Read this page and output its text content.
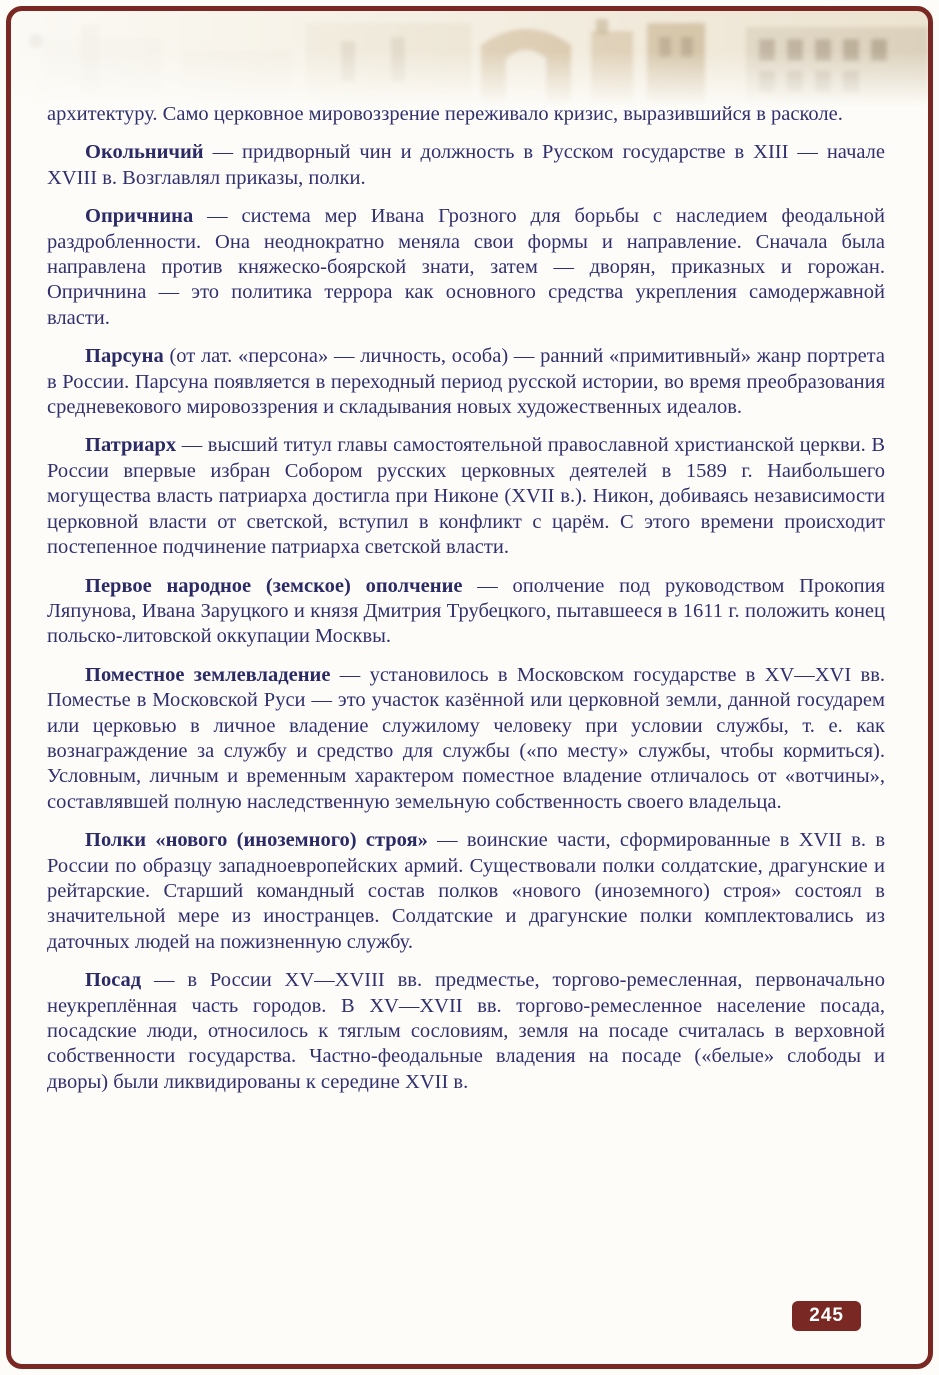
архитектуру. Само церковное мировоззрение переживало кризис, выразившийся в расколе.

Окольничий — придворный чин и должность в Русском государстве в XIII — начале XVIII в. Возглавлял приказы, полки.

Опричнина — система мер Ивана Грозного для борьбы с наследием феодальной раздробленности. Она неоднократно меняла свои формы и направление. Сначала была направлена против княжеско-боярской знати, затем — дворян, приказных и горожан. Опричнина — это политика террора как основного средства укрепления самодержавной власти.

Парсуна (от лат. «персона» — личность, особа) — ранний «примитивный» жанр портрета в России. Парсуна появляется в переходный период русской истории, во время преобразования средневекового мировоззрения и складывания новых художественных идеалов.

Патриарх — высший титул главы самостоятельной православной христианской церкви. В России впервые избран Собором русских церковных деятелей в 1589 г. Наибольшего могущества власть патриарха достигла при Никоне (XVII в.). Никон, добиваясь независимости церковной власти от светской, вступил в конфликт с царём. С этого времени происходит постепенное подчинение патриарха светской власти.

Первое народное (земское) ополчение — ополчение под руководством Прокопия Ляпунова, Ивана Заруцкого и князя Дмитрия Трубецкого, пытавшееся в 1611 г. положить конец польско-литовской оккупации Москвы.

Поместное землевладение — установилось в Московском государстве в XV—XVI вв. Поместье в Московской Руси — это участок казённой или церковной земли, данной государем или церковью в личное владение служилому человеку при условии службы, т. е. как вознаграждение за службу и средство для службы («по месту» службы, чтобы кормиться). Условным, личным и временным характером поместное владение отличалось от «вотчины», составлявшей полную наследственную земельную собственность своего владельца.

Полки «нового (иноземного) строя» — воинские части, сформированные в XVII в. в России по образцу западноевропейских армий. Существовали полки солдатские, драгунские и рейтарские. Старший командный состав полков «нового (иноземного) строя» состоял в значительной мере из иностранцев. Солдатские и драгунские полки комплектовались из даточных людей на пожизненную службу.

Посад — в России XV—XVIII вв. предместье, торгово-ремесленная, первоначально неукреплённая часть городов. В XV—XVII вв. торгово-ремесленное население посада, посадские люди, относилось к тяглым сословиям, земля на посаде считалась в верховной собственности государства. Частно-феодальные владения на посаде («белые» слободы и дворы) были ликвидированы к середине XVII в.

245
